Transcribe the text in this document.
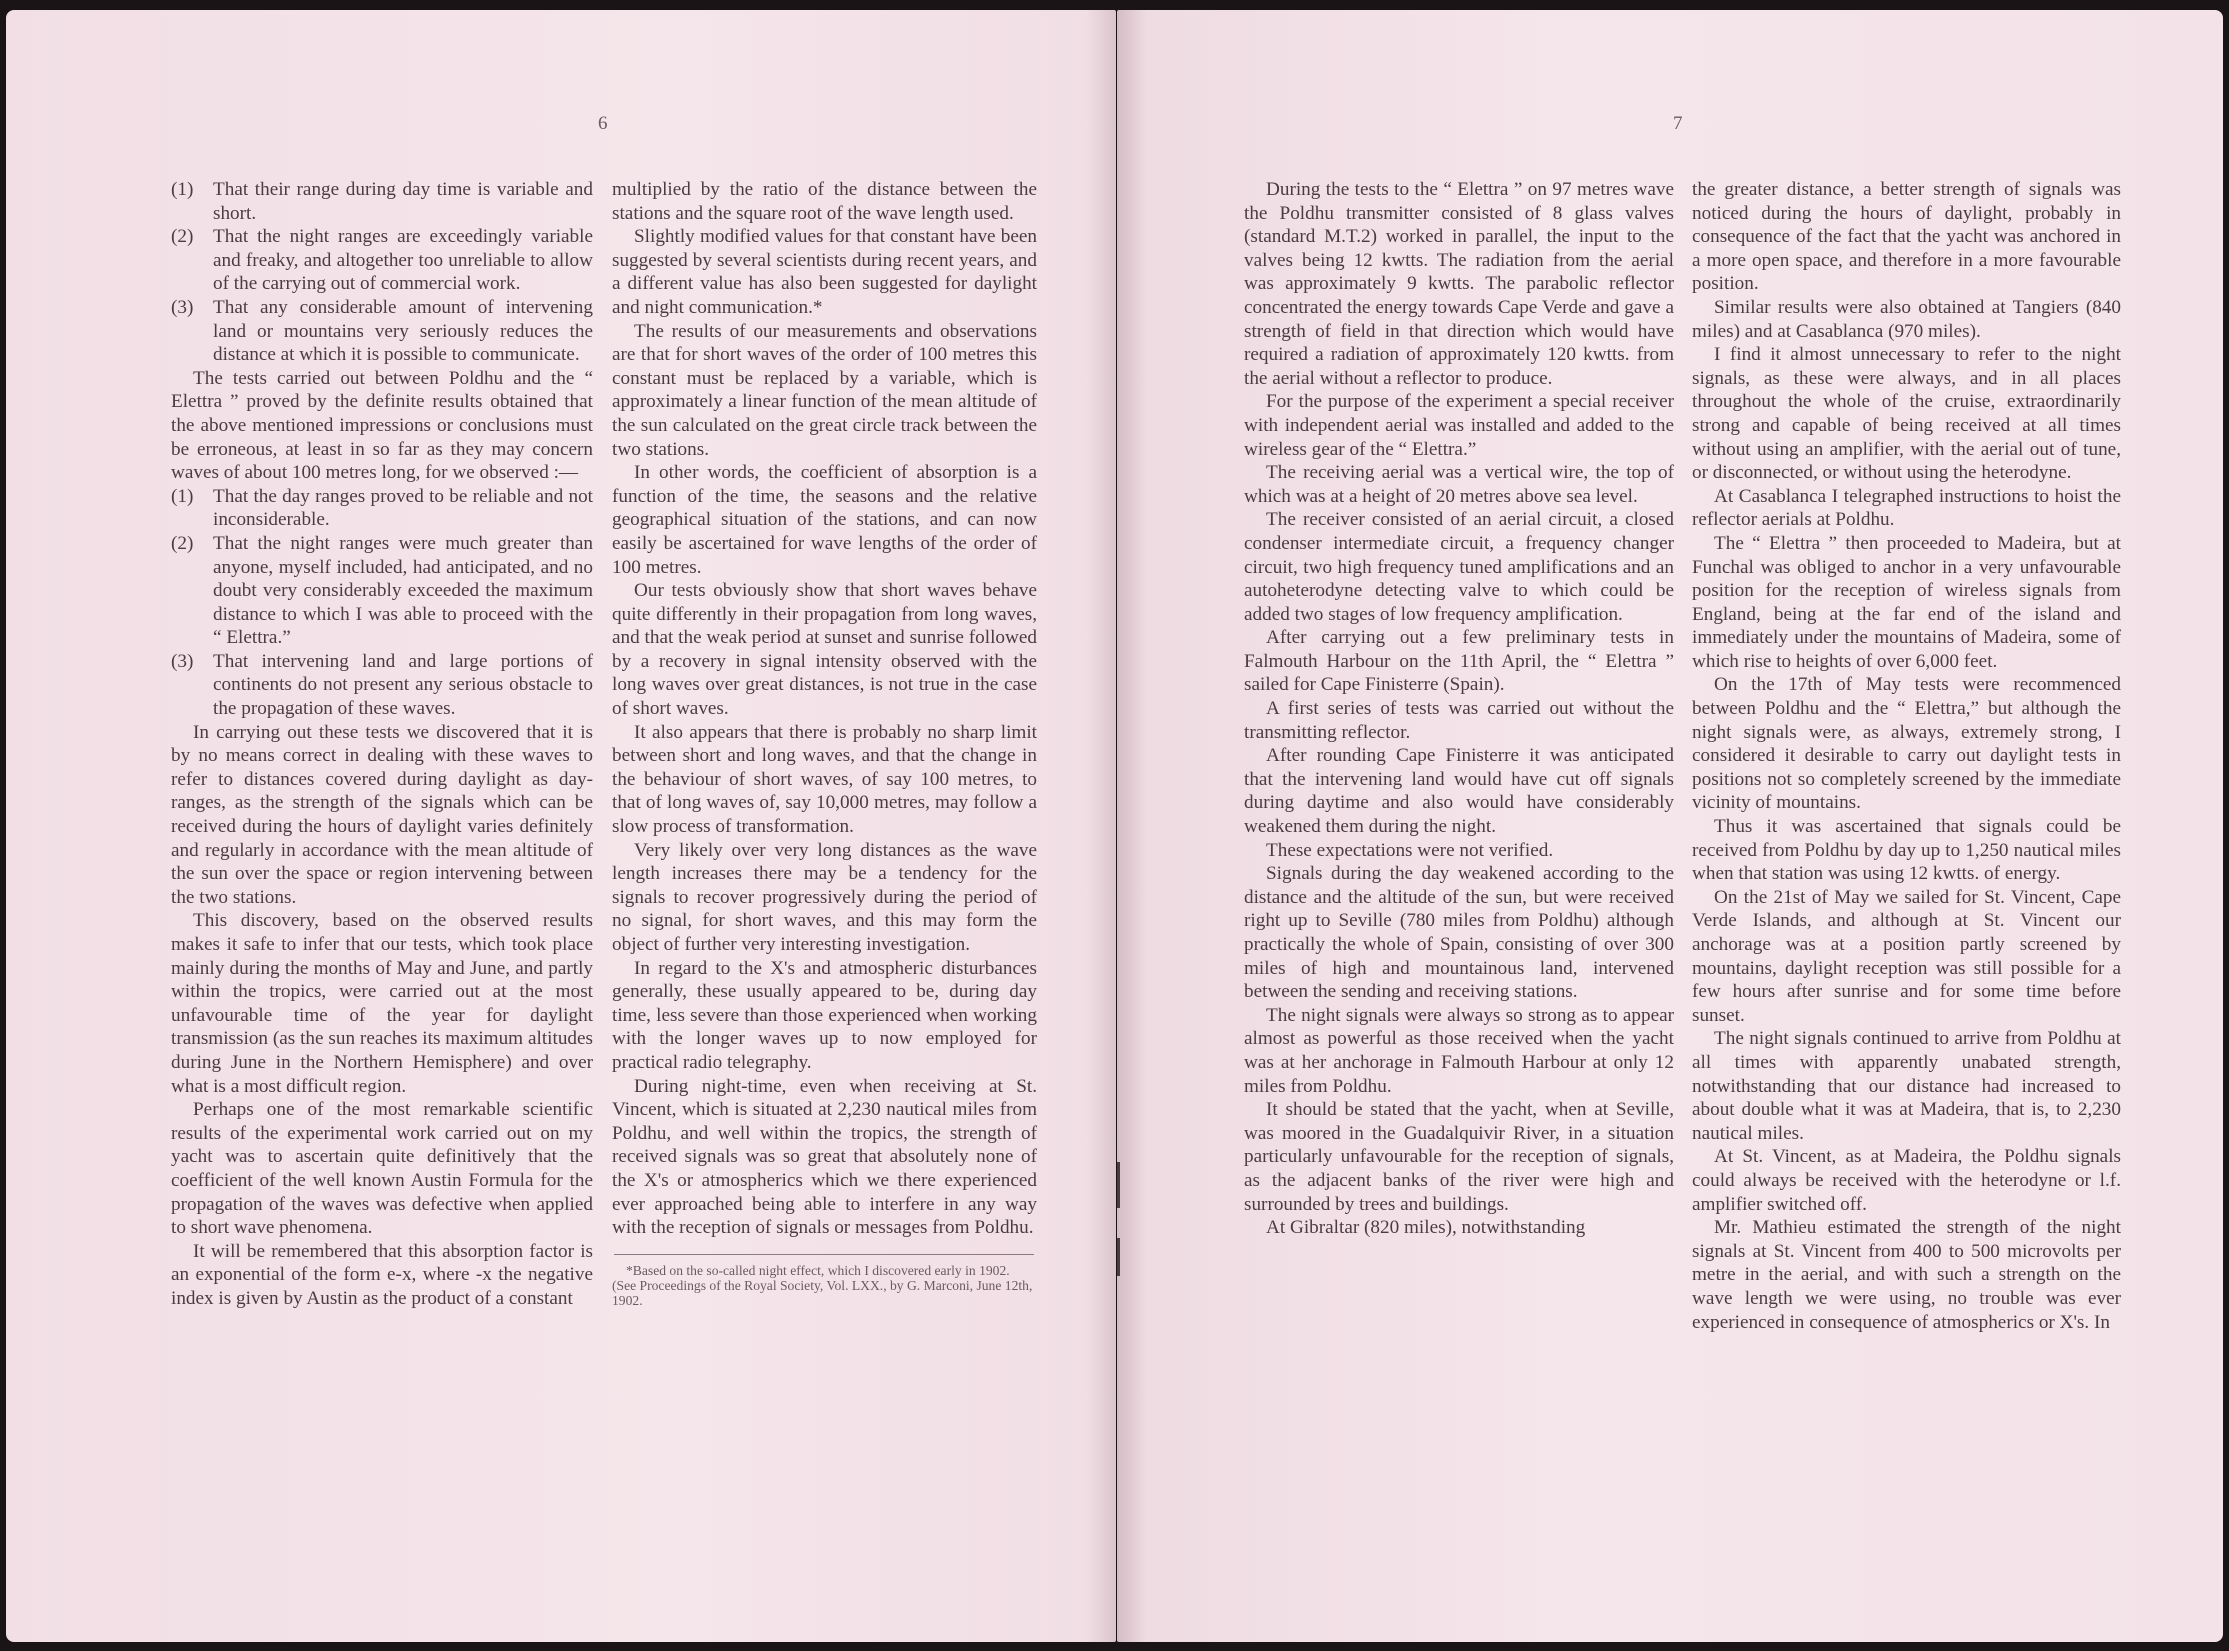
6
(1)	That their range during day time is variable and short.
(2)	That the night ranges are exceedingly variable and freaky, and altogether too unreliable to allow of the carrying out of commercial work.
(3)	That any considerable amount of intervening land or mountains very seriously reduces the distance at which it is possible to communicate.

The tests carried out between Poldhu and the “ Elettra ” proved by the definite results obtained that the above mentioned impressions or conclusions must be erroneous, at least in so far as they may concern waves of about 100 metres long, for we observed :—

(1)	That the day ranges proved to be reliable and not inconsiderable.
(2)	That the night ranges were much greater than anyone, myself included, had anticipated, and no doubt very considerably exceeded the maximum distance to which I was able to proceed with the “ Elettra.”
(3)	That intervening land and large portions of continents do not present any serious obstacle to the propagation of these waves.

In carrying out these tests we discovered that it is by no means correct in dealing with these waves to refer to distances covered during daylight as day-ranges, as the strength of the signals which can be received during the hours of daylight varies definitely and regularly in accordance with the mean altitude of the sun over the space or region intervening between the two stations.

This discovery, based on the observed results makes it safe to infer that our tests, which took place mainly during the months of May and June, and partly within the tropics, were carried out at the most unfavourable time of the year for daylight transmission (as the sun reaches its maximum altitudes during June in the Northern Hemisphere) and over what is a most difficult region.

Perhaps one of the most remarkable scientific results of the experimental work carried out on my yacht was to ascertain quite definitively that the coefficient of the well known Austin Formula for the propagation of the waves was defective when applied to short wave phenomena.

It will be remembered that this absorption factor is an exponential of the form e-x, where -x the negative index is given by Austin as the product of a constant

multiplied by the ratio of the distance between the stations and the square root of the wave length used.

Slightly modified values for that constant have been suggested by several scientists during recent years, and a different value has also been suggested for daylight and night communication.*

The results of our measurements and observations are that for short waves of the order of 100 metres this constant must be replaced by a variable, which is approximately a linear function of the mean altitude of the sun calculated on the great circle track between the two stations.

In other words, the coefficient of absorption is a function of the time, the seasons and the relative geographical situation of the stations, and can now easily be ascertained for wave lengths of the order of 100 metres.

Our tests obviously show that short waves behave quite differently in their propagation from long waves, and that the weak period at sunset and sunrise followed by a recovery in signal intensity observed with the long waves over great distances, is not true in the case of short waves.

It also appears that there is probably no sharp limit between short and long waves, and that the change in the behaviour of short waves, of say 100 metres, to that of long waves of, say 10,000 metres, may follow a slow process of transformation.

Very likely over very long distances as the wave length increases there may be a tendency for the signals to recover progressively during the period of no signal, for short waves, and this may form the object of further very interesting investigation.

In regard to the X's and atmospheric disturbances generally, these usually appeared to be, during day time, less severe than those experienced when working with the longer waves up to now employed for practical radio telegraphy.

During night-time, even when receiving at St. Vincent, which is situated at 2,230 nautical miles from Poldhu, and well within the tropics, the strength of received signals was so great that absolutely none of the X's or atmospherics which we there experienced ever approached being able to interfere in any way with the reception of signals or messages from Poldhu.

*Based on the so-called night effect, which I discovered early in 1902. (See Proceedings of the Royal Society, Vol. LXX., by G. Marconi, June 12th, 1902.

7

During the tests to the “ Elettra ” on 97 metres wave the Poldhu transmitter consisted of 8 glass valves (standard M.T.2) worked in parallel, the input to the valves being 12 kwtts. The radiation from the aerial was approximately 9 kwtts. The parabolic reflector concentrated the energy towards Cape Verde and gave a strength of field in that direction which would have required a radiation of approximately 120 kwtts. from the aerial without a reflector to produce.

For the purpose of the experiment a special receiver with independent aerial was installed and added to the wireless gear of the “ Elettra.”

The receiving aerial was a vertical wire, the top of which was at a height of 20 metres above sea level.

The receiver consisted of an aerial circuit, a closed condenser intermediate circuit, a frequency changer circuit, two high frequency tuned amplifications and an autoheterodyne detecting valve to which could be added two stages of low frequency amplification.

After carrying out a few preliminary tests in Falmouth Harbour on the 11th April, the “ Elettra ” sailed for Cape Finisterre (Spain).

A first series of tests was carried out without the transmitting reflector.

After rounding Cape Finisterre it was anticipated that the intervening land would have cut off signals during daytime and also would have considerably weakened them during the night.

These expectations were not verified.

Signals during the day weakened according to the distance and the altitude of the sun, but were received right up to Seville (780 miles from Poldhu) although practically the whole of Spain, consisting of over 300 miles of high and mountainous land, intervened between the sending and receiving stations.

The night signals were always so strong as to appear almost as powerful as those received when the yacht was at her anchorage in Falmouth Harbour at only 12 miles from Poldhu.

It should be stated that the yacht, when at Seville, was moored in the Guadalquivir River, in a situation particularly unfavourable for the reception of signals, as the adjacent banks of the river were high and surrounded by trees and buildings.

At Gibraltar (820 miles), notwithstanding

the greater distance, a better strength of signals was noticed during the hours of daylight, probably in consequence of the fact that the yacht was anchored in a more open space, and therefore in a more favourable position.

Similar results were also obtained at Tangiers (840 miles) and at Casablanca (970 miles).

I find it almost unnecessary to refer to the night signals, as these were always, and in all places throughout the whole of the cruise, extraordinarily strong and capable of being received at all times without using an amplifier, with the aerial out of tune, or disconnected, or without using the heterodyne.

At Casablanca I telegraphed instructions to hoist the reflector aerials at Poldhu.

The “ Elettra ” then proceeded to Madeira, but at Funchal was obliged to anchor in a very unfavourable position for the reception of wireless signals from England, being at the far end of the island and immediately under the mountains of Madeira, some of which rise to heights of over 6,000 feet.

On the 17th of May tests were recommenced between Poldhu and the “ Elettra,” but although the night signals were, as always, extremely strong, I considered it desirable to carry out daylight tests in positions not so completely screened by the immediate vicinity of mountains.

Thus it was ascertained that signals could be received from Poldhu by day up to 1,250 nautical miles when that station was using 12 kwtts. of energy.

On the 21st of May we sailed for St. Vincent, Cape Verde Islands, and although at St. Vincent our anchorage was at a position partly screened by mountains, daylight reception was still possible for a few hours after sunrise and for some time before sunset.

The night signals continued to arrive from Poldhu at all times with apparently unabated strength, notwithstanding that our distance had increased to about double what it was at Madeira, that is, to 2,230 nautical miles.

At St. Vincent, as at Madeira, the Poldhu signals could always be received with the heterodyne or l.f. amplifier switched off.

Mr. Mathieu estimated the strength of the night signals at St. Vincent from 400 to 500 microvolts per metre in the aerial, and with such a strength on the wave length we were using, no trouble was ever experienced in consequence of atmospherics or X's. In
